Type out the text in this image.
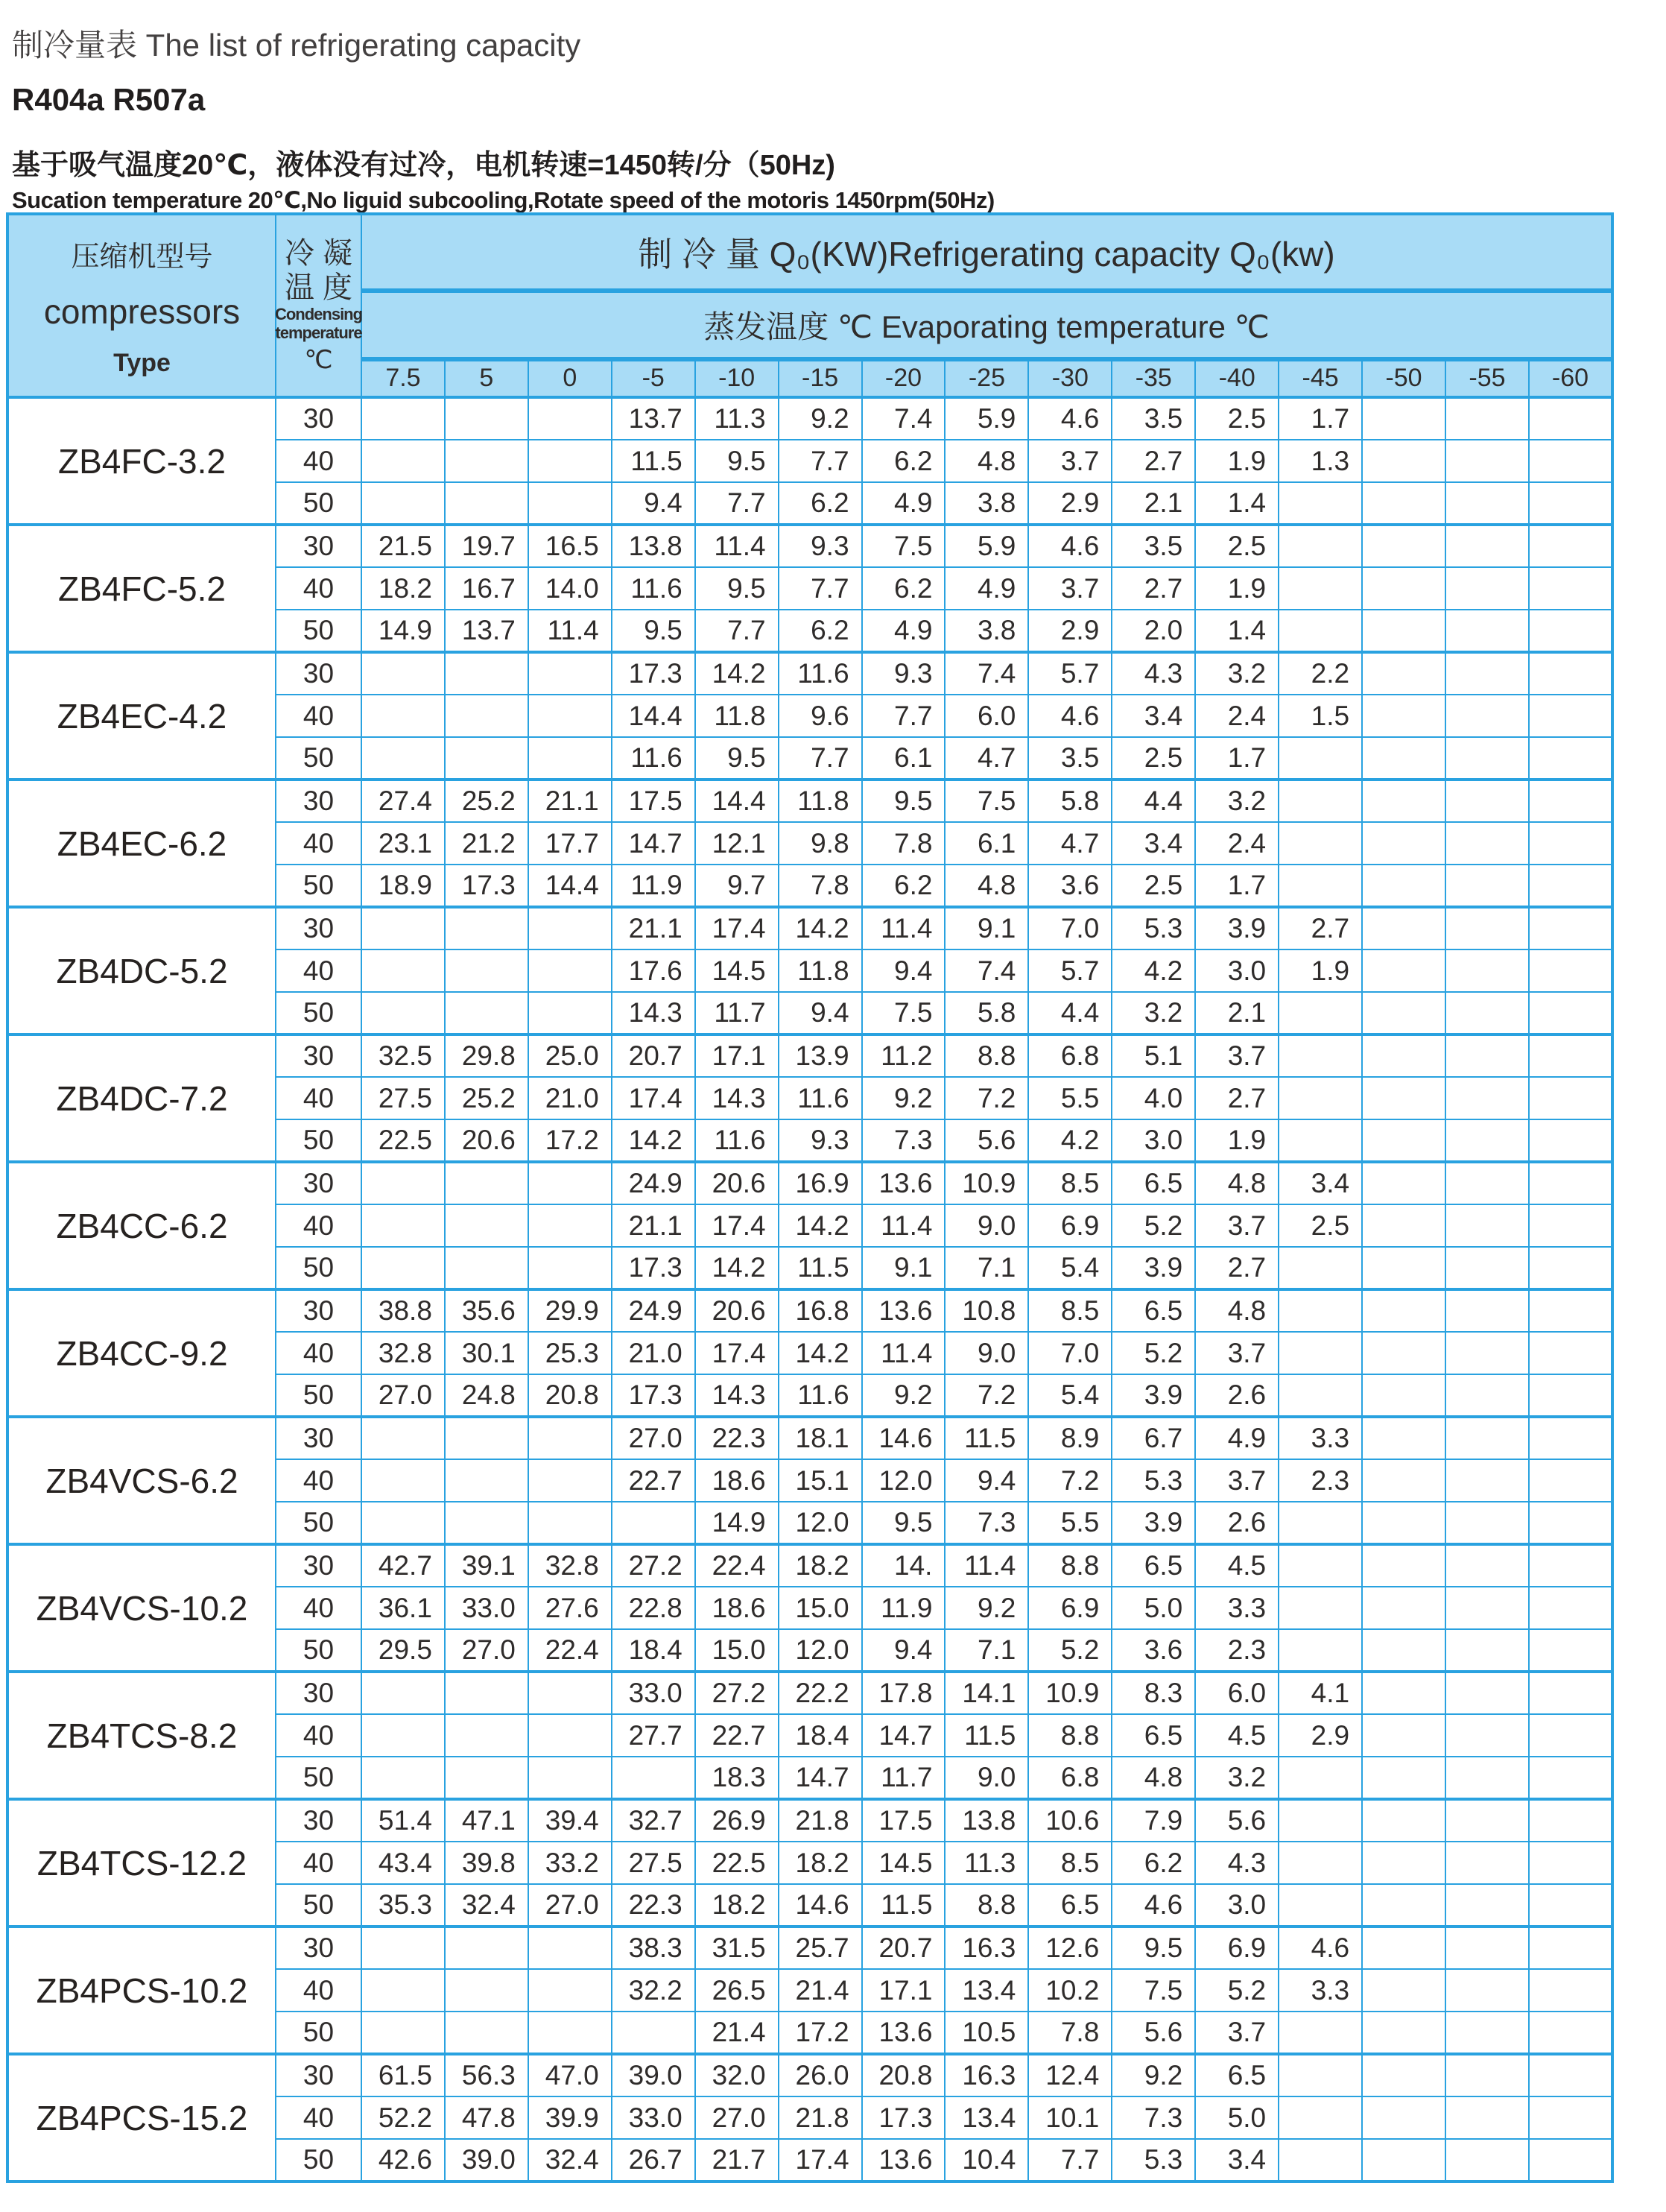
制冷量表 The list of refrigerating capacity
R404a R507a
基于吸气温度20℃，液体没有过冷，电机转速=1450转/分（50Hz)
Sucation temperature 20℃,No liguid subcooling,Rotate speed of the motoris 1450rpm(50Hz)
压缩机型号
compressors
Type

冷 凝
温 度
Condensing
temperature
℃
	制 冷 量 Q₀(KW)Refrigerating capacity Q₀(kw)
		蒸发温度 ℃ Evaporating temperature ℃														
		7.5	5	0	-5	-10	-15	-20	-25	-30	-35	-40	-45	-50	-55	-60
ZB4FC-3.2	30				13.7	11.3	9.2	7.4	5.9	4.6	3.5	2.5	1.7			
	40				11.5	9.5	7.7	6.2	4.8	3.7	2.7	1.9	1.3			
	50				9.4	7.7	6.2	4.9	3.8	2.9	2.1	1.4				
ZB4FC-5.2	30	21.5	19.7	16.5	13.8	11.4	9.3	7.5	5.9	4.6	3.5	2.5				
	40	18.2	16.7	14.0	11.6	9.5	7.7	6.2	4.9	3.7	2.7	1.9				
	50	14.9	13.7	11.4	9.5	7.7	6.2	4.9	3.8	2.9	2.0	1.4				
ZB4EC-4.2	30				17.3	14.2	11.6	9.3	7.4	5.7	4.3	3.2	2.2			
	40				14.4	11.8	9.6	7.7	6.0	4.6	3.4	2.4	1.5			
	50				11.6	9.5	7.7	6.1	4.7	3.5	2.5	1.7				
ZB4EC-6.2	30	27.4	25.2	21.1	17.5	14.4	11.8	9.5	7.5	5.8	4.4	3.2				
	40	23.1	21.2	17.7	14.7	12.1	9.8	7.8	6.1	4.7	3.4	2.4				
	50	18.9	17.3	14.4	11.9	9.7	7.8	6.2	4.8	3.6	2.5	1.7				
ZB4DC-5.2	30				21.1	17.4	14.2	11.4	9.1	7.0	5.3	3.9	2.7			
	40				17.6	14.5	11.8	9.4	7.4	5.7	4.2	3.0	1.9			
	50				14.3	11.7	9.4	7.5	5.8	4.4	3.2	2.1				
ZB4DC-7.2	30	32.5	29.8	25.0	20.7	17.1	13.9	11.2	8.8	6.8	5.1	3.7				
	40	27.5	25.2	21.0	17.4	14.3	11.6	9.2	7.2	5.5	4.0	2.7				
	50	22.5	20.6	17.2	14.2	11.6	9.3	7.3	5.6	4.2	3.0	1.9				
ZB4CC-6.2	30				24.9	20.6	16.9	13.6	10.9	8.5	6.5	4.8	3.4			
	40				21.1	17.4	14.2	11.4	9.0	6.9	5.2	3.7	2.5			
	50				17.3	14.2	11.5	9.1	7.1	5.4	3.9	2.7				
ZB4CC-9.2	30	38.8	35.6	29.9	24.9	20.6	16.8	13.6	10.8	8.5	6.5	4.8				
	40	32.8	30.1	25.3	21.0	17.4	14.2	11.4	9.0	7.0	5.2	3.7				
	50	27.0	24.8	20.8	17.3	14.3	11.6	9.2	7.2	5.4	3.9	2.6				
ZB4VCS-6.2	30				27.0	22.3	18.1	14.6	11.5	8.9	6.7	4.9	3.3			
	40				22.7	18.6	15.1	12.0	9.4	7.2	5.3	3.7	2.3			
	50					14.9	12.0	9.5	7.3	5.5	3.9	2.6				
ZB4VCS-10.2	30	42.7	39.1	32.8	27.2	22.4	18.2	14.	11.4	8.8	6.5	4.5				
	40	36.1	33.0	27.6	22.8	18.6	15.0	11.9	9.2	6.9	5.0	3.3				
	50	29.5	27.0	22.4	18.4	15.0	12.0	9.4	7.1	5.2	3.6	2.3				
ZB4TCS-8.2	30				33.0	27.2	22.2	17.8	14.1	10.9	8.3	6.0	4.1			
	40				27.7	22.7	18.4	14.7	11.5	8.8	6.5	4.5	2.9			
	50					18.3	14.7	11.7	9.0	6.8	4.8	3.2				
ZB4TCS-12.2	30	51.4	47.1	39.4	32.7	26.9	21.8	17.5	13.8	10.6	7.9	5.6				
	40	43.4	39.8	33.2	27.5	22.5	18.2	14.5	11.3	8.5	6.2	4.3				
	50	35.3	32.4	27.0	22.3	18.2	14.6	11.5	8.8	6.5	4.6	3.0				
ZB4PCS-10.2	30				38.3	31.5	25.7	20.7	16.3	12.6	9.5	6.9	4.6			
	40				32.2	26.5	21.4	17.1	13.4	10.2	7.5	5.2	3.3			
	50					21.4	17.2	13.6	10.5	7.8	5.6	3.7				
ZB4PCS-15.2	30	61.5	56.3	47.0	39.0	32.0	26.0	20.8	16.3	12.4	9.2	6.5				
	40	52.2	47.8	39.9	33.0	27.0	21.8	17.3	13.4	10.1	7.3	5.0				
	50	42.6	39.0	32.4	26.7	21.7	17.4	13.6	10.4	7.7	5.3	3.4				
